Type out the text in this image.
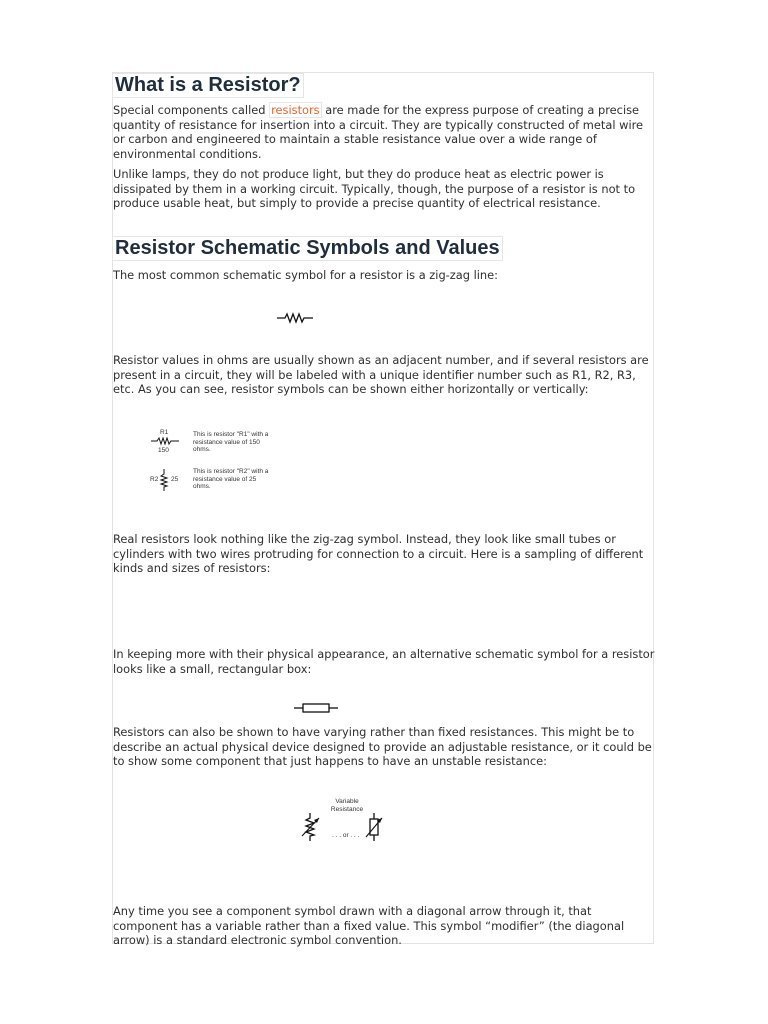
What is a Resistor?

Special components called resistors are made for the express purpose of creating a precise quantity of resistance for insertion into a circuit. They are typically constructed of metal wire or carbon and engineered to maintain a stable resistance value over a wide range of environmental conditions.

Unlike lamps, they do not produce light, but they do produce heat as electric power is dissipated by them in a working circuit. Typically, though, the purpose of a resistor is not to produce usable heat, but simply to provide a precise quantity of electrical resistance.

Resistor Schematic Symbols and Values

The most common schematic symbol for a resistor is a zig-zag line:

Resistor values in ohms are usually shown as an adjacent number, and if several resistors are present in a circuit, they will be labeled with a unique identifier number such as R1, R2, R3, etc. As you can see, resistor symbols can be shown either horizontally or vertically:

R1
150
This is resistor "R1" with a resistance value of 150 ohms.
R2 25
This is resistor "R2" with a resistance value of 25 ohms.

Real resistors look nothing like the zig-zag symbol. Instead, they look like small tubes or cylinders with two wires protruding for connection to a circuit. Here is a sampling of different kinds and sizes of resistors:

In keeping more with their physical appearance, an alternative schematic symbol for a resistor looks like a small, rectangular box:

Resistors can also be shown to have varying rather than fixed resistances. This might be to describe an actual physical device designed to provide an adjustable resistance, or it could be to show some component that just happens to have an unstable resistance:

Variable
Resistance
. . . or . . .

Any time you see a component symbol drawn with a diagonal arrow through it, that component has a variable rather than a fixed value. This symbol “modifier” (the diagonal arrow) is a standard electronic symbol convention.
